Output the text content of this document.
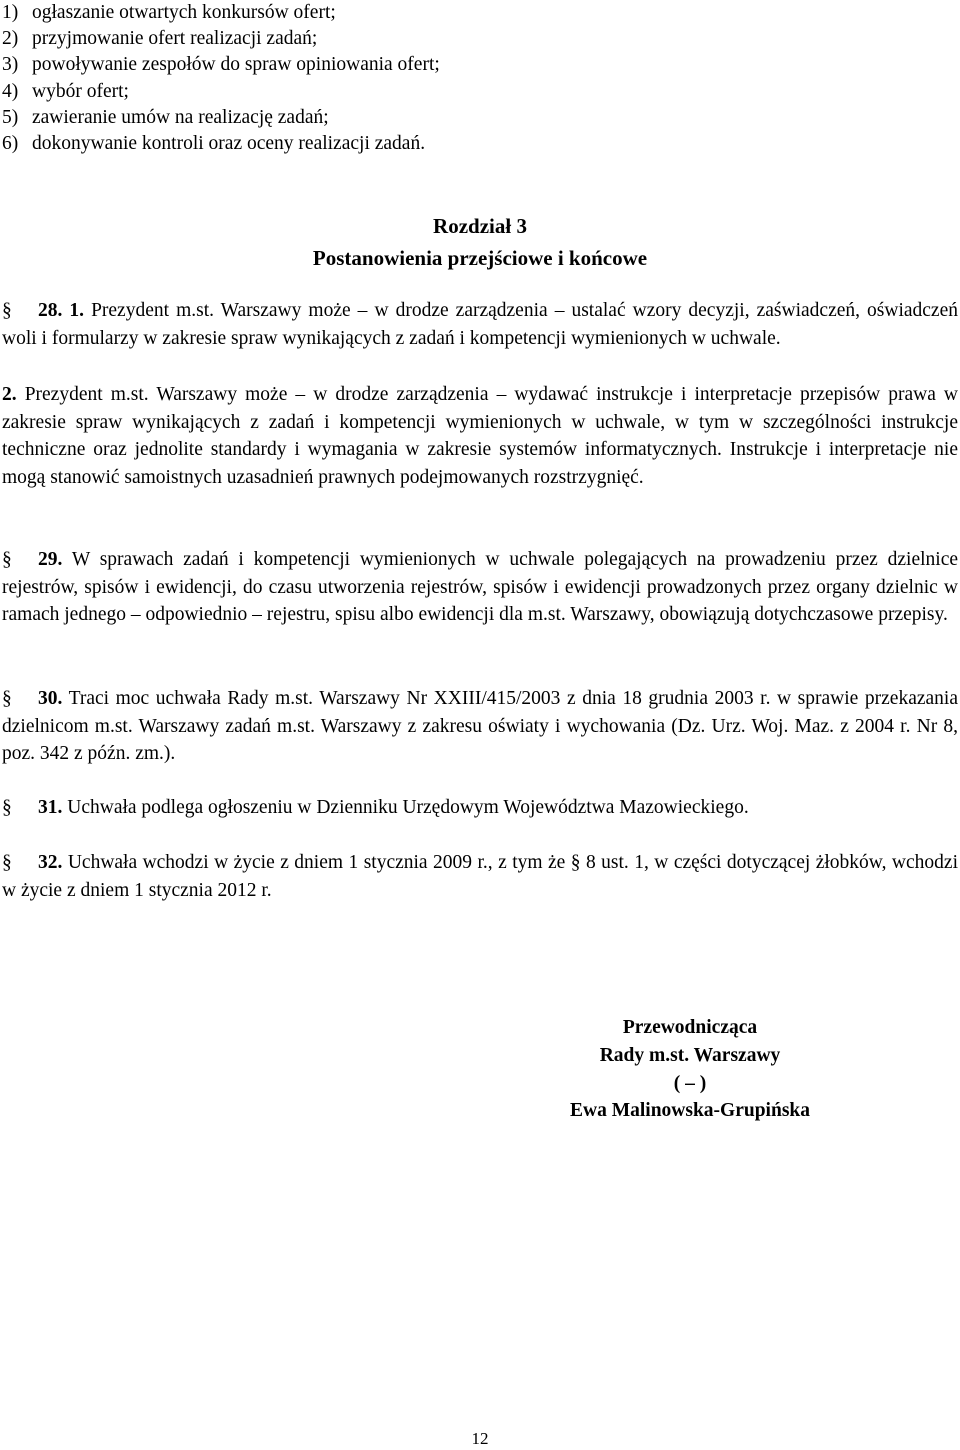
1) ogłaszanie otwartych konkursów ofert;
2) przyjmowanie ofert realizacji zadań;
3) powoływanie zespołów do spraw opiniowania ofert;
4) wybór ofert;
5) zawieranie umów na realizację zadań;
6) dokonywanie kontroli oraz oceny realizacji zadań.
Rozdział 3
Postanowienia przejściowe i końcowe

§ 28. 1. Prezydent m.st. Warszawy może – w drodze zarządzenia – ustalać wzory decyzji, zaświadczeń, oświadczeń woli i formularzy w zakresie spraw wynikających z zadań i kompetencji wymienionych w uchwale.

2. Prezydent m.st. Warszawy może – w drodze zarządzenia – wydawać instrukcje i interpretacje przepisów prawa w zakresie spraw wynikających z zadań i kompetencji wymienionych w uchwale, w tym w szczególności instrukcje techniczne oraz jednolite standardy i wymagania w zakresie systemów informatycznych. Instrukcje i interpretacje nie mogą stanowić samoistnych uzasadnień prawnych podejmowanych rozstrzygnięć.

§ 29. W sprawach zadań i kompetencji wymienionych w uchwale polegających na prowadzeniu przez dzielnice rejestrów, spisów i ewidencji, do czasu utworzenia rejestrów, spisów i ewidencji prowadzonych przez organy dzielnic w ramach jednego – odpowiednio – rejestru, spisu albo ewidencji dla m.st. Warszawy, obowiązują dotychczasowe przepisy.

§ 30. Traci moc uchwała Rady m.st. Warszawy Nr XXIII/415/2003 z dnia 18 grudnia 2003 r. w sprawie przekazania dzielnicom m.st. Warszawy zadań m.st. Warszawy z zakresu oświaty i wychowania (Dz. Urz. Woj. Maz. z 2004 r. Nr 8, poz. 342 z późn. zm.).

§ 31. Uchwała podlega ogłoszeniu w Dzienniku Urzędowym Województwa Mazowieckiego.

§ 32. Uchwała wchodzi w życie z dniem 1 stycznia 2009 r., z tym że § 8 ust. 1, w części dotyczącej żłobków, wchodzi w życie z dniem 1 stycznia 2012 r.

Przewodnicząca
Rady m.st. Warszawy
( – )
Ewa Malinowska-Grupińska
12
